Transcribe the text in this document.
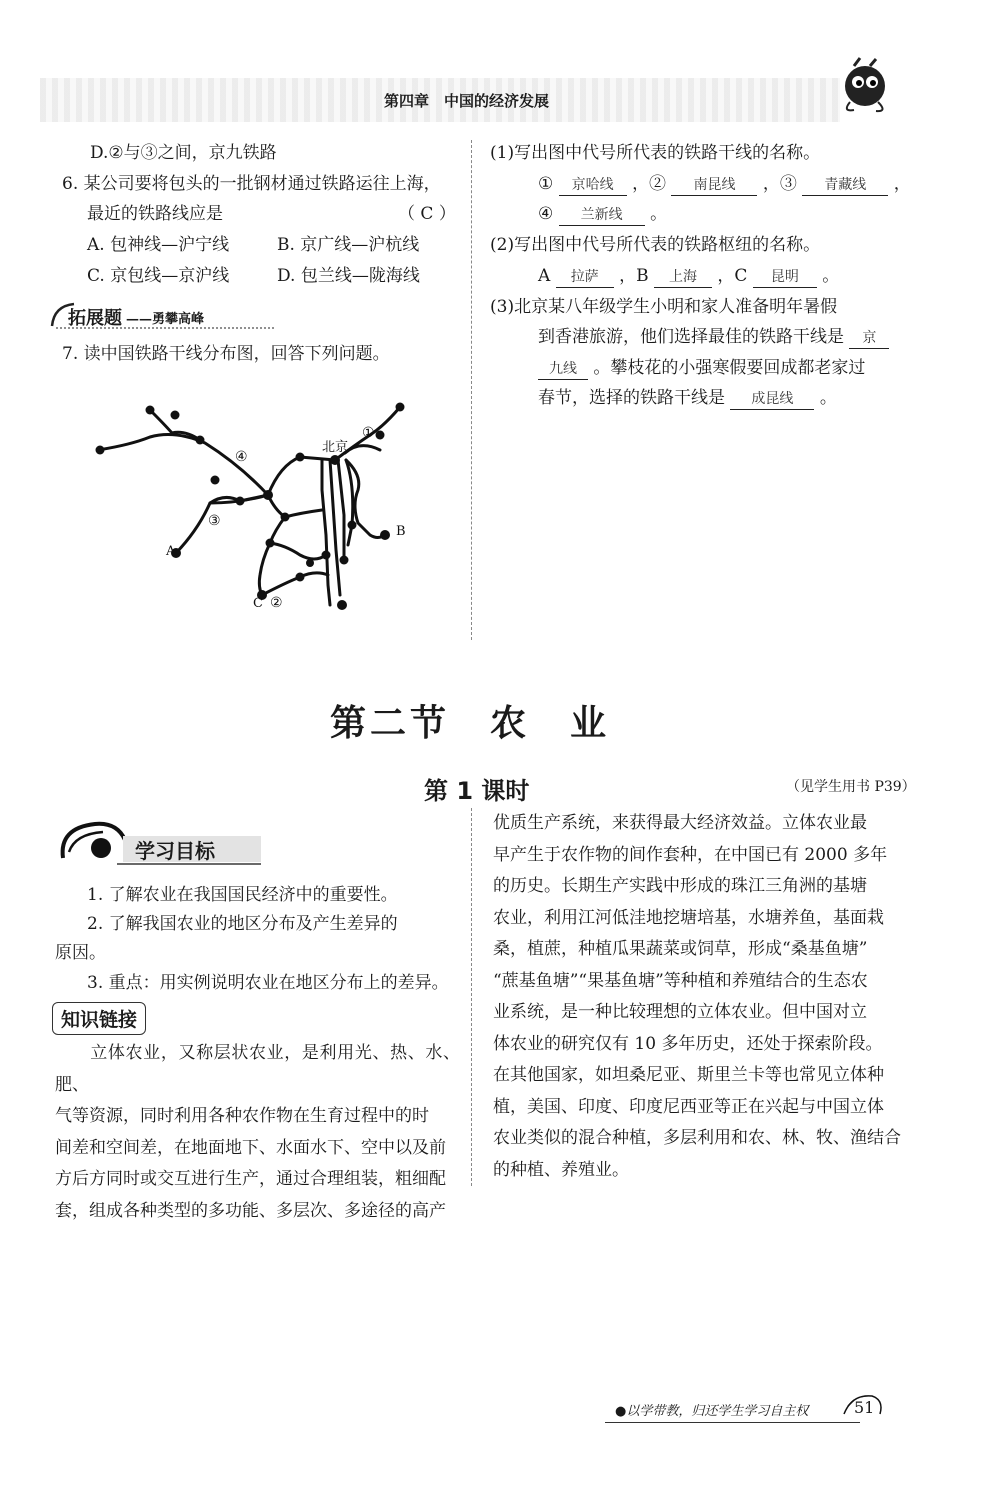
第四章　中国的经济发展
D.②与③之间，京九铁路
6. 某公司要将包头的一批钢材通过铁路运往上海，
最近的铁路线应是	（ C ）
A. 包神线—沪宁线	B. 京广线—沪杭线
C. 京包线—京沪线	D. 包兰线—陇海线
拓展题 ——勇攀高峰
7. 读中国铁路干线分布图，回答下列问题。
北京
①
④
③
A
B
C ②
(1)写出图中代号所代表的铁路干线的名称。
① 京哈线 ，② 南昆线 ，③ 青藏线 ，
④ 兰新线 。
(2)写出图中代号所代表的铁路枢纽的名称。
A 拉萨 ，B 上海 ，C 昆明 。
(3)北京某八年级学生小明和家人准备明年暑假
到香港旅游，他们选择最佳的铁路干线是 京
九线 。攀枝花的小强寒假要回成都老家过
春节，选择的铁路干线是 成昆线 。
第二节　农　业
第 1 课时	（见学生用书 P39）
学习目标
1. 了解农业在我国国民经济中的重要性。
2. 了解我国农业的地区分布及产生差异的
原因。
3. 重点：用实例说明农业在地区分布上的差异。
知识链接
　　立体农业，又称层状农业，是利用光、热、水、肥、
气等资源，同时利用各种农作物在生育过程中的时
间差和空间差，在地面地下、水面水下、空中以及前
方后方同时或交互进行生产，通过合理组装，粗细配
套，组成各种类型的多功能、多层次、多途径的高产
优质生产系统，来获得最大经济效益。立体农业最
早产生于农作物的间作套种，在中国已有 2000 多年
的历史。长期生产实践中形成的珠江三角洲的基塘
农业，利用江河低洼地挖塘培基，水塘养鱼，基面栽
桑，植蔗，种植瓜果蔬菜或饲草，形成“桑基鱼塘”
“蔗基鱼塘”“果基鱼塘”等种植和养殖结合的生态农
业系统，是一种比较理想的立体农业。但中国对立
体农业的研究仅有 10 多年历史，还处于探索阶段。
在其他国家，如坦桑尼亚、斯里兰卡等也常见立体种
植，美国、印度、印度尼西亚等正在兴起与中国立体
农业类似的混合种植，多层利用和农、林、牧、渔结合
的种植、养殖业。
●以学带教，归还学生学习自主权	51
